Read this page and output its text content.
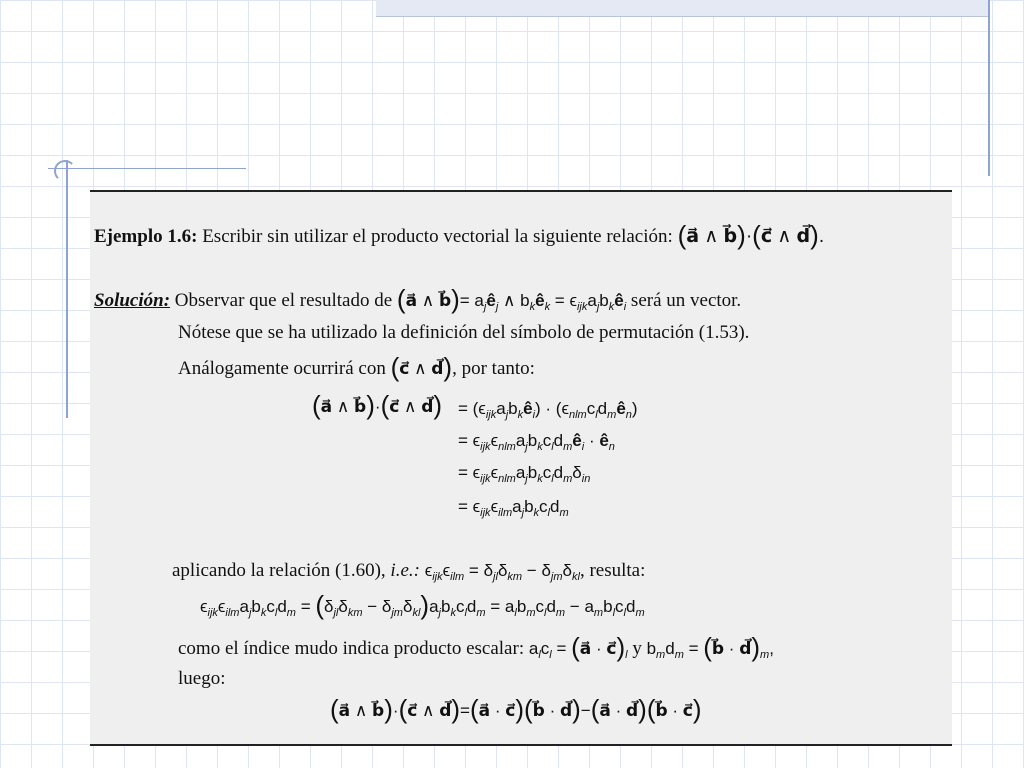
Ejemplo 1.6: Escribir sin utilizar el producto vectorial la siguiente relación: (a⃗ ∧ b⃗)·(c⃗ ∧ d⃗).
Solución: Observar que el resultado de (a⃗ ∧ b⃗)= $a_jê_j$ ∧ $b_kê_k$ = $\epsilon_{ijk}a_jb_kê_i$ será un vector.
Nótese que se ha utilizado la definición del símbolo de permutación (1.53).
Análogamente ocurrirá con (c⃗ ∧ d⃗), por tanto:
(a⃗ ∧ b⃗)·(c⃗ ∧ d⃗) = $(\epsilon_{ijk}a_jb_kê_i)$ · $(\epsilon_{nlm}c_ld_mê_n)$
= $\epsilon_{ijk}\epsilon_{nlm}a_jb_kc_ld_mê_i$ · $ê_n$
= $\epsilon_{ijk}\epsilon_{nlm}a_jb_kc_ld_m\delta_{in}$
= $\epsilon_{ijk}\epsilon_{ilm}a_jb_kc_ld_m$
aplicando la relación (1.60), i.e.: $\epsilon_{ijk}\epsilon_{ilm} = \delta_{jl}\delta_{km} - \delta_{jm}\delta_{kl}$, resulta:
$\epsilon_{ijk}\epsilon_{ilm}a_jb_kc_ld_m = (\delta_{jl}\delta_{km} - \delta_{jm}\delta_{kl})a_jb_kc_ld_m = a_lb_mc_ld_m - a_mb_lc_ld_m$
como el índice mudo indica producto escalar: $a_lc_l$ = (a⃗ · $c⃗)_l$ y $b_md_m$ = (b⃗ · $d⃗)_m$,
luego:
(a⃗ ∧ b⃗)·(c⃗ ∧ d⃗)=(a⃗ · c⃗)(b⃗ · d⃗)−(a⃗ · d⃗)(b⃗ · c⃗)
